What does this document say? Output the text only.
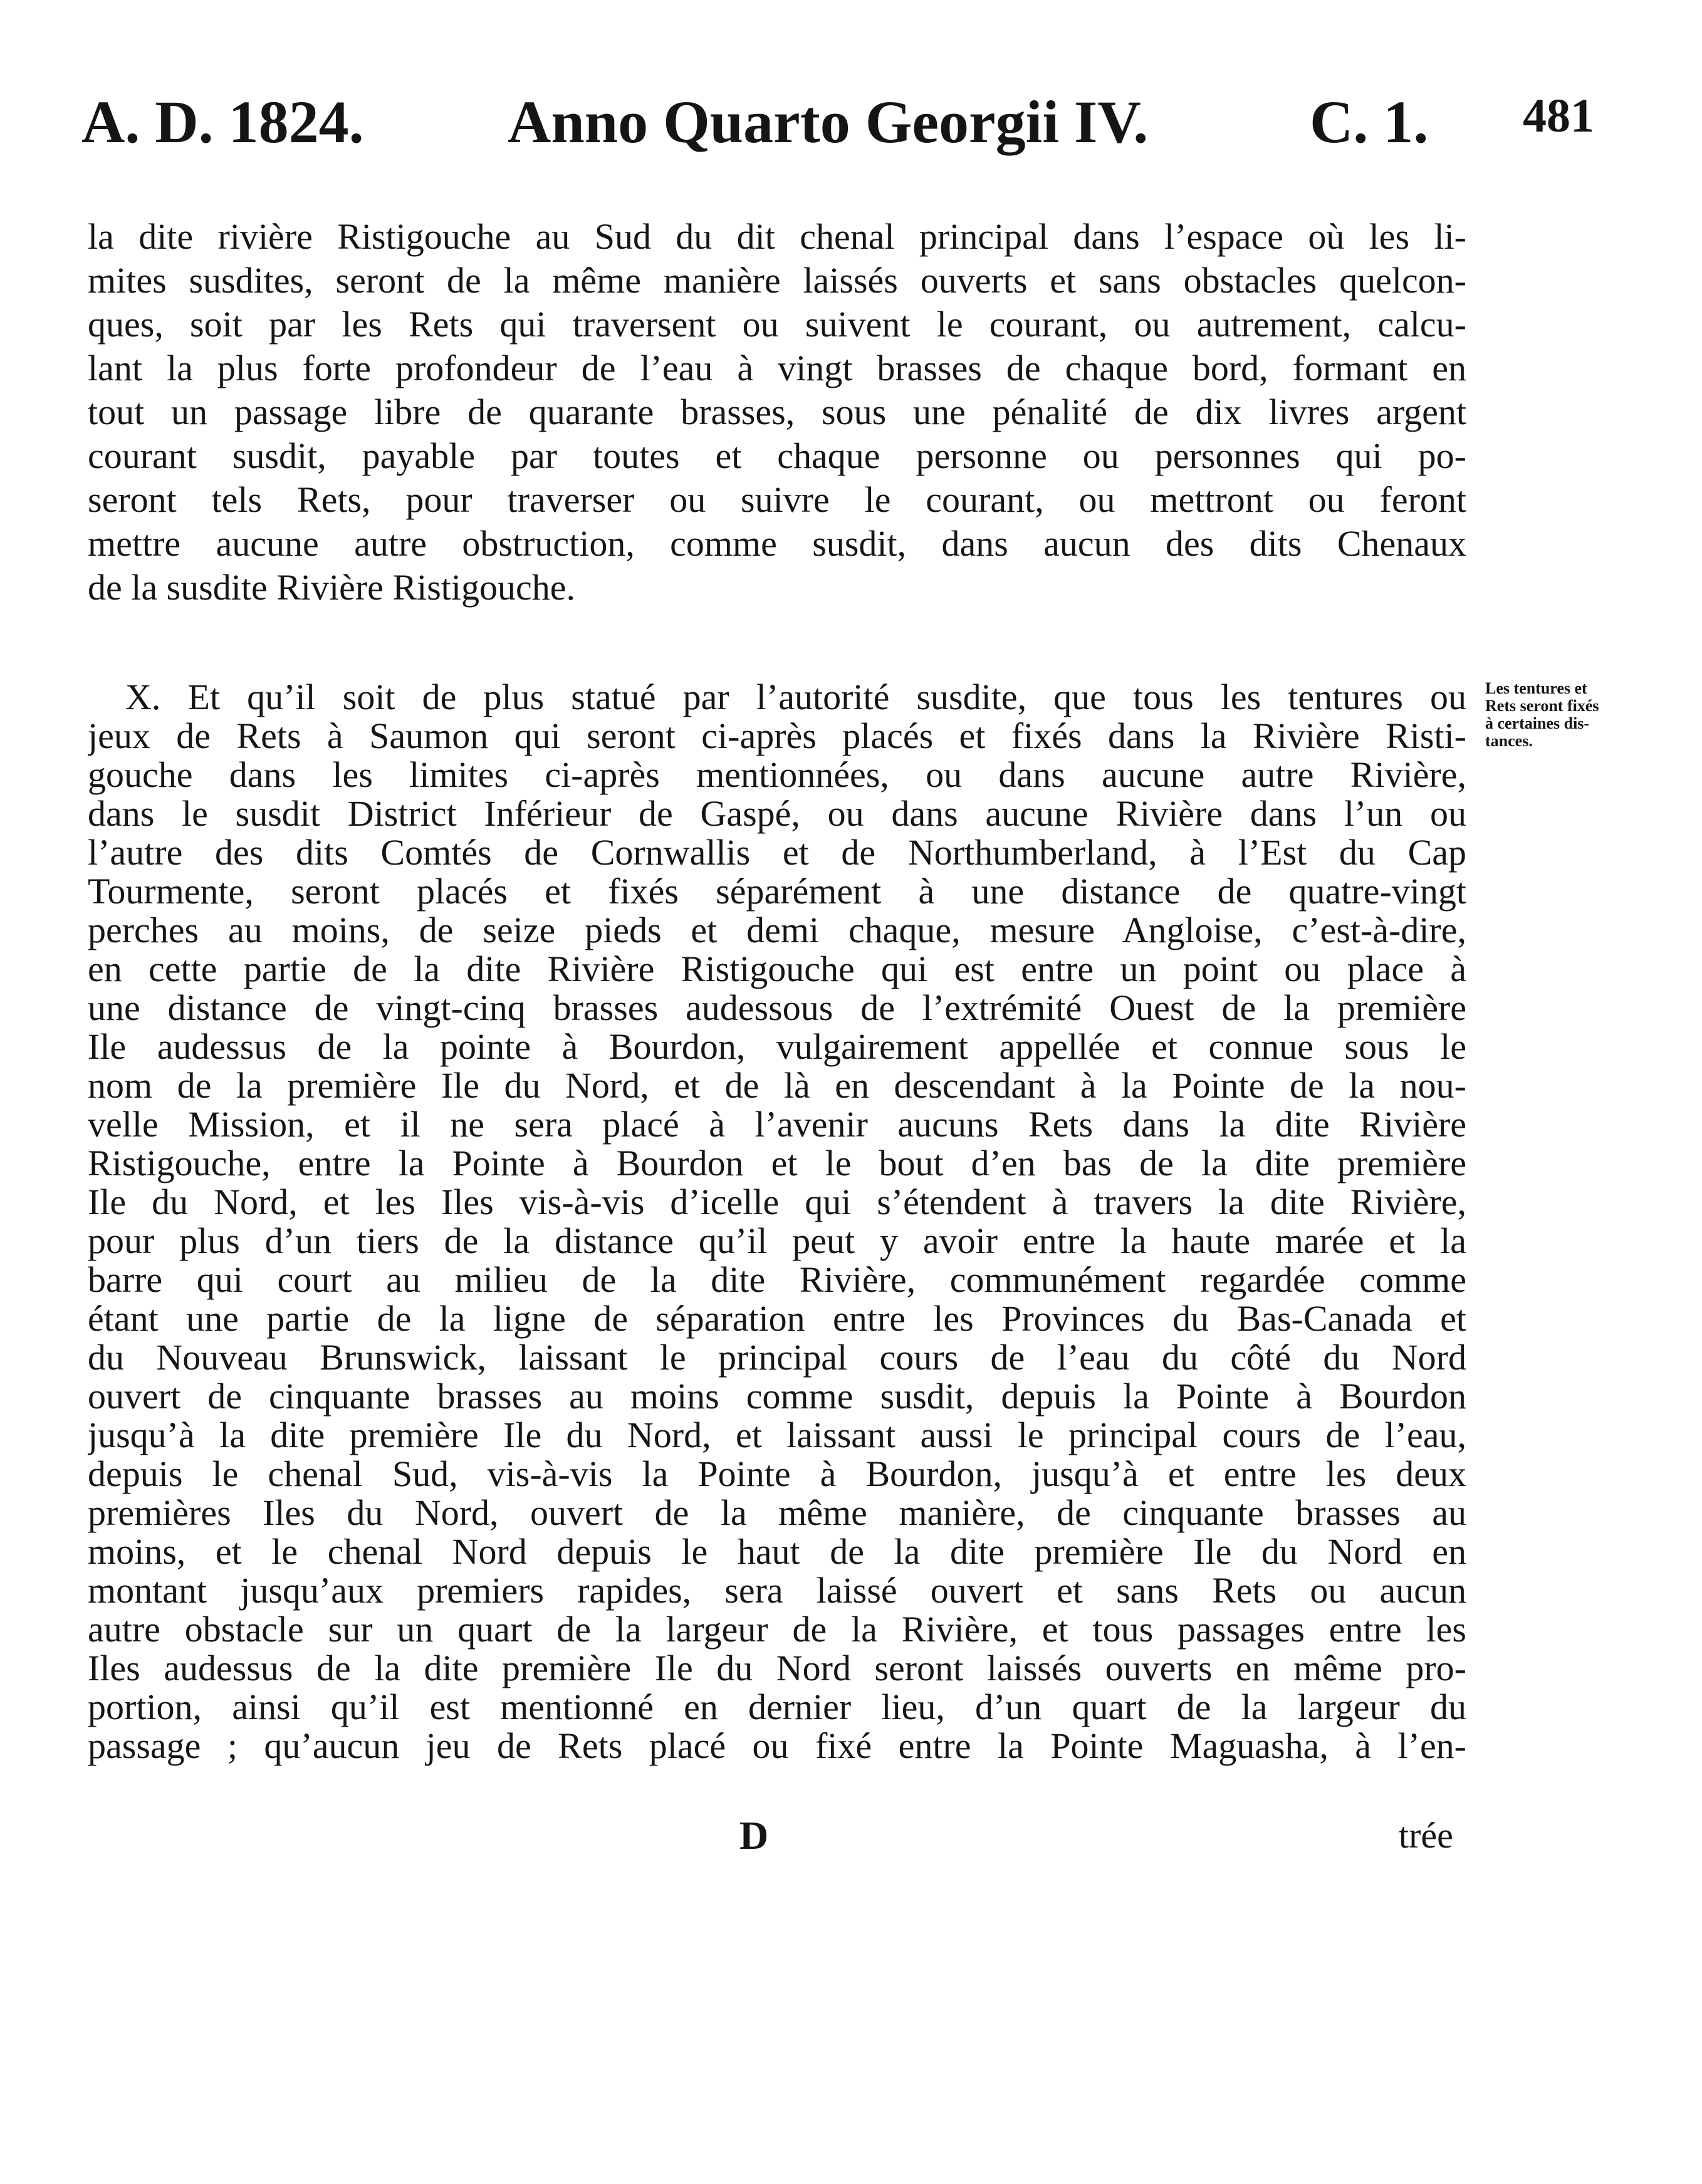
A. D. 1824. Anno Quarto Georgii IV.	C. 1. 481
la dite rivière Ristigouche au Sud du dit chenal principal dans l’espace où les li-
mites susdites, seront de la même manière laissés ouverts et sans obstacles quelcon-
ques, soit par les Rets qui traversent ou suivent le courant, ou autrement, calcu-
lant la plus forte profondeur de l’eau à vingt brasses de chaque bord, formant en
tout un passage libre de quarante brasses, sous une pénalité de dix livres argent
courant susdit, payable par toutes et chaque personne ou personnes qui po-
seront tels Rets, pour traverser ou suivre le courant, ou mettront ou feront
mettre aucune autre obstruction, comme susdit, dans aucun des dits Chenaux
de la susdite Rivière Ristigouche.
X. Et qu’il soit de plus statué par l’autorité susdite, que tous les tentures ou
jeux de Rets à Saumon qui seront ci-après placés et fixés dans la Rivière Risti-
gouche dans les limites ci-après mentionnées, ou dans aucune autre Rivière,
dans le susdit District Inférieur de Gaspé, ou dans aucune Rivière dans l’un ou
l’autre des dits Comtés de Cornwallis et de Northumberland, à l’Est du Cap
Tourmente, seront placés et fixés séparément à une distance de quatre-vingt
perches au moins, de seize pieds et demi chaque, mesure Angloise, c’est-à-dire,
en cette partie de la dite Rivière Ristigouche qui est entre un point ou place à
une distance de vingt-cinq brasses audessous de l’extrémité Ouest de la première
Ile audessus de la pointe à Bourdon, vulgairement appellée et connue sous le
nom de la première Ile du Nord, et de là en descendant à la Pointe de la nou-
velle Mission, et il ne sera placé à l’avenir aucuns Rets dans la dite Rivière
Ristigouche, entre la Pointe à Bourdon et le bout d’en bas de la dite première
Ile du Nord, et les Iles vis-à-vis d’icelle qui s’étendent à travers la dite Rivière,
pour plus d’un tiers de la distance qu’il peut y avoir entre la haute marée et la
barre qui court au milieu de la dite Rivière, communément regardée comme
étant une partie de la ligne de séparation entre les Provinces du Bas-Canada et
du Nouveau Brunswick, laissant le principal cours de l’eau du côté du Nord
ouvert de cinquante brasses au moins comme susdit, depuis la Pointe à Bourdon
jusqu’à la dite première Ile du Nord, et laissant aussi le principal cours de l’eau,
depuis le chenal Sud, vis-à-vis la Pointe à Bourdon, jusqu’à et entre les deux
premières Iles du Nord, ouvert de la même manière, de cinquante brasses au
moins, et le chenal Nord depuis le haut de la dite première Ile du Nord en
montant jusqu’aux premiers rapides, sera laissé ouvert et sans Rets ou aucun
autre obstacle sur un quart de la largeur de la Rivière, et tous passages entre les
Iles audessus de la dite première Ile du Nord seront laissés ouverts en même pro-
portion, ainsi qu’il est mentionné en dernier lieu, d’un quart de la largeur du
passage ; qu’aucun jeu de Rets placé ou fixé entre la Pointe Maguasha, à l’en-
Les tentures et
Rets seront fixés
à certaines dis-
tances.
D	trée
